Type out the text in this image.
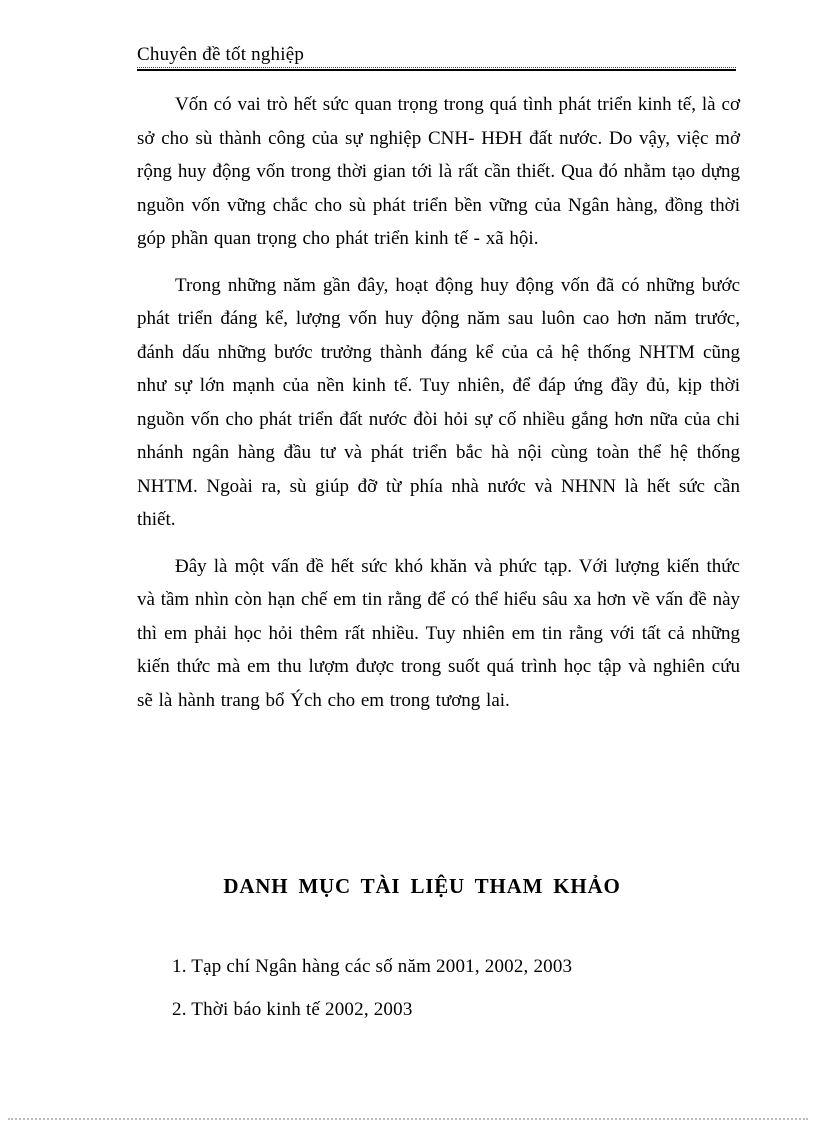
Chuyên đề tốt nghiệp

Vốn có vai trò hết sức quan trọng trong quá tình phát triển kinh tế, là cơ sở cho sù thành công của sự nghiệp CNH- HĐH đất nước. Do vậy, việc mở rộng huy động vốn trong thời gian tới là rất cần thiết. Qua đó nhằm tạo dựng nguồn vốn vững chắc cho sù phát triển bền vững của Ngân hàng, đồng thời góp phần quan trọng cho phát triển kinh tế - xã hội.

Trong những năm gần đây, hoạt động huy động vốn đã có những bước phát triển đáng kể, lượng vốn huy động năm sau luôn cao hơn năm trước, đánh dấu những bước trưởng thành đáng kể của cả hệ thống NHTM cũng như sự lớn mạnh của nền kinh tế. Tuy nhiên, để đáp ứng đầy đủ, kịp thời nguồn vốn cho phát triển đất nước đòi hỏi sự cố nhiều gắng hơn nữa của chi nhánh ngân hàng đầu tư và phát triển bắc hà nội cùng toàn thể hệ thống NHTM. Ngoài ra, sù giúp đỡ từ phía nhà nước và NHNN là hết sức cần thiết.

Đây là một vấn đề hết sức khó khăn và phức tạp. Với lượng kiến thức và tầm nhìn còn hạn chế em tin rằng để có thể hiểu sâu xa hơn về vấn đề này thì em phải học hỏi thêm rất nhiều. Tuy nhiên em tin rằng với tất cả những kiến thức mà em thu lượm được trong suốt quá trình học tập và nghiên cứu sẽ là hành trang bổ Ých cho em trong tương lai.

DANH MỤC TÀI LIỆU THAM KHẢO
1. Tạp chí Ngân hàng các số năm 2001, 2002, 2003
2. Thời báo kinh tế 2002, 2003
